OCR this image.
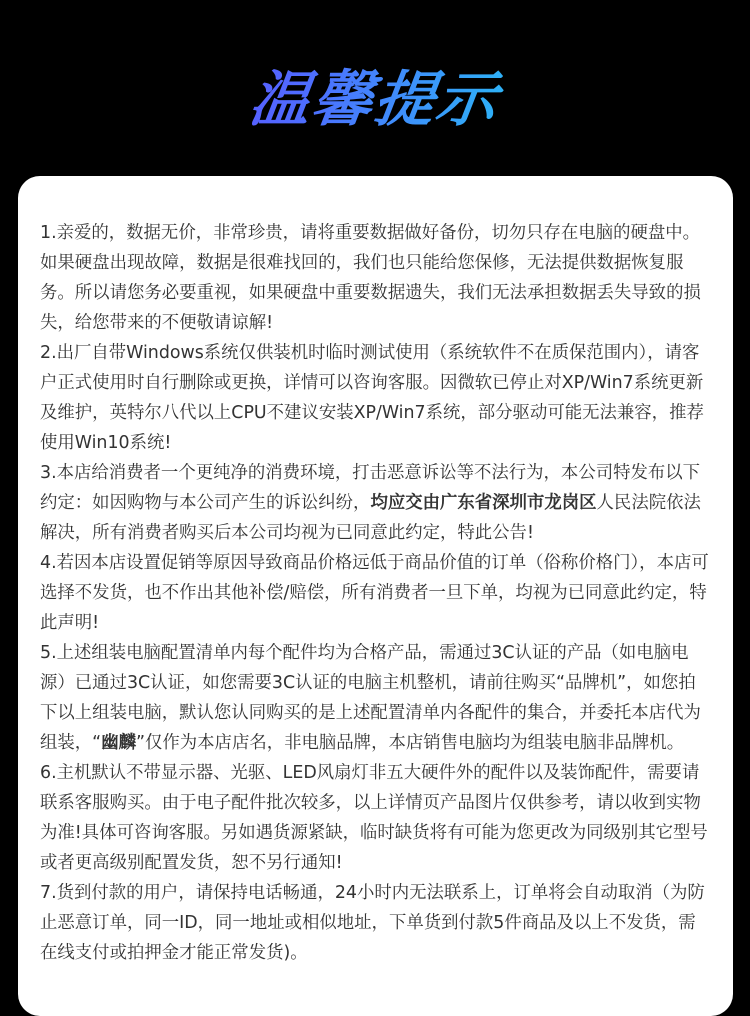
温馨提示

1.亲爱的，数据无价，非常珍贵，请将重要数据做好备份，切勿只存在电脑的硬盘中。如果硬盘出现故障，数据是很难找回的，我们也只能给您保修，无法提供数据恢复服务。所以请您务必要重视，如果硬盘中重要数据遗失，我们无法承担数据丢失导致的损失，给您带来的不便敬请谅解!

2.出厂自带Windows系统仅供装机时临时测试使用（系统软件不在质保范围内），请客户正式使用时自行删除或更换，详情可以咨询客服。因微软已停止对XP/Win7系统更新及维护，英特尔八代以上CPU不建议安装XP/Win7系统，部分驱动可能无法兼容，推荐使用Win10系统!

3.本店给消费者一个更纯净的消费环境，打击恶意诉讼等不法行为，本公司特发布以下约定：如因购物与本公司产生的诉讼纠纷，均应交由广东省深圳市龙岗区人民法院依法解决，所有消费者购买后本公司均视为已同意此约定，特此公告!

4.若因本店设置促销等原因导致商品价格远低于商品价值的订单（俗称价格门），本店可选择不发货，也不作出其他补偿/赔偿，所有消费者一旦下单，均视为已同意此约定，特此声明!

5.上述组装电脑配置清单内每个配件均为合格产品，需通过3C认证的产品（如电脑电源）已通过3C认证，如您需要3C认证的电脑主机整机，请前往购买“品牌机”，如您拍下以上组装电脑，默认您认同购买的是上述配置清单内各配件的集合，并委托本店代为组装，“幽麟”仅作为本店店名，非电脑品牌，本店销售电脑均为组装电脑非品牌机。

6.主机默认不带显示器、光驱、LED风扇灯非五大硬件外的配件以及装饰配件，需要请联系客服购买。由于电子配件批次较多，以上详情页产品图片仅供参考，请以收到实物为准!具体可咨询客服。另如遇货源紧缺，临时缺货将有可能为您更改为同级别其它型号或者更高级别配置发货，恕不另行通知!

7.货到付款的用户，请保持电话畅通，24小时内无法联系上，订单将会自动取消（为防止恶意订单，同一ID，同一地址或相似地址，下单货到付款5件商品及以上不发货，需在线支付或拍押金才能正常发货)。
